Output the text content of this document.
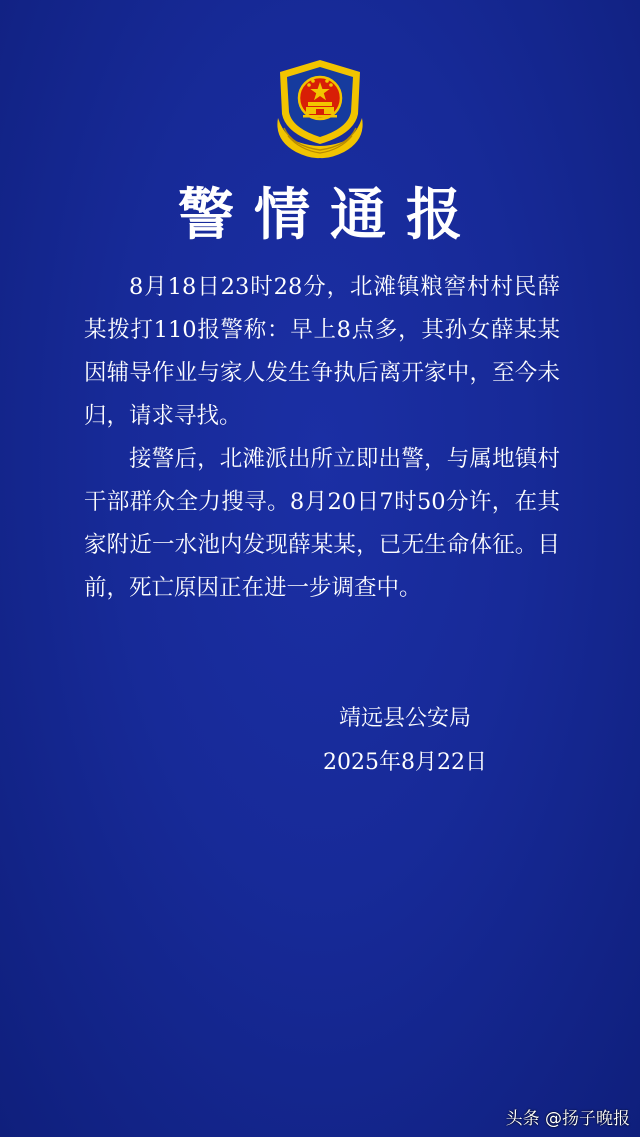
警情通报

8月18日23时28分，北滩镇粮窖村村民薛某拨打110报警称：早上8点多，其孙女薛某某因辅导作业与家人发生争执后离开家中，至今未归，请求寻找。

接警后，北滩派出所立即出警，与属地镇村干部群众全力搜寻。8月20日7时50分许，在其家附近一水池内发现薛某某，已无生命体征。目前，死亡原因正在进一步调查中。

靖远县公安局
2025年8月22日
头条 @扬子晚报
